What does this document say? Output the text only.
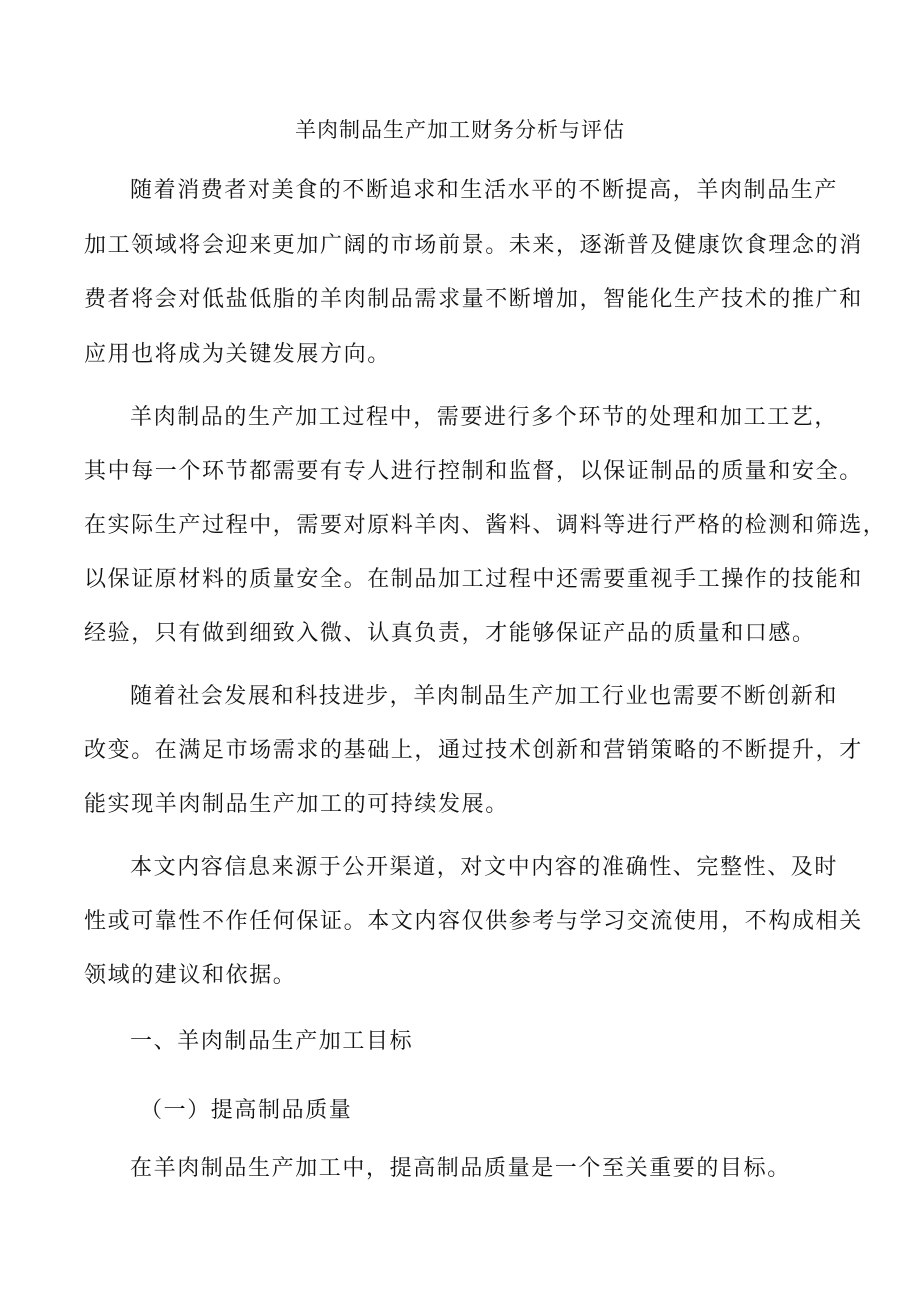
羊肉制品生产加工财务分析与评估
随着消费者对美食的不断追求和生活水平的不断提高，羊肉制品生产
加工领域将会迎来更加广阔的市场前景。未来，逐渐普及健康饮食理念的消
费者将会对低盐低脂的羊肉制品需求量不断增加，智能化生产技术的推广和
应用也将成为关键发展方向。
羊肉制品的生产加工过程中，需要进行多个环节的处理和加工工艺，
其中每一个环节都需要有专人进行控制和监督，以保证制品的质量和安全。
在实际生产过程中，需要对原料羊肉、酱料、调料等进行严格的检测和筛选，
以保证原材料的质量安全。在制品加工过程中还需要重视手工操作的技能和
经验，只有做到细致入微、认真负责，才能够保证产品的质量和口感。
随着社会发展和科技进步，羊肉制品生产加工行业也需要不断创新和
改变。在满足市场需求的基础上，通过技术创新和营销策略的不断提升，才
能实现羊肉制品生产加工的可持续发展。
本文内容信息来源于公开渠道，对文中内容的准确性、完整性、及时
性或可靠性不作任何保证。本文内容仅供参考与学习交流使用，不构成相关
领域的建议和依据。
一、羊肉制品生产加工目标
（一）提高制品质量
在羊肉制品生产加工中，提高制品质量是一个至关重要的目标。
